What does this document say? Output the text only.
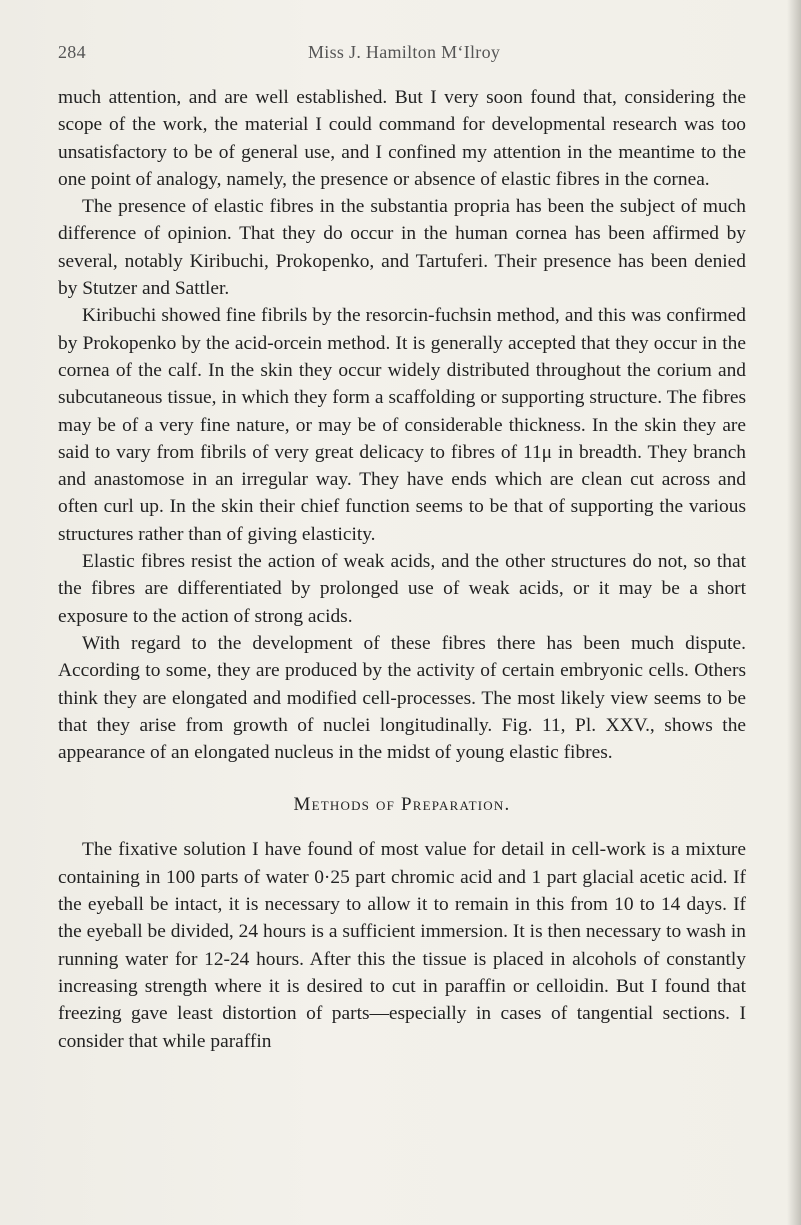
284	Miss J. Hamilton M‘Ilroy

much attention, and are well established. But I very soon found that, considering the scope of the work, the material I could command for developmental research was too unsatisfactory to be of general use, and I confined my attention in the meantime to the one point of analogy, namely, the presence or absence of elastic fibres in the cornea.

The presence of elastic fibres in the substantia propria has been the subject of much difference of opinion. That they do occur in the human cornea has been affirmed by several, notably Kiribuchi, Prokopenko, and Tartuferi. Their presence has been denied by Stutzer and Sattler.

Kiribuchi showed fine fibrils by the resorcin-fuchsin method, and this was confirmed by Prokopenko by the acid-orcein method. It is generally accepted that they occur in the cornea of the calf. In the skin they occur widely distributed throughout the corium and subcutaneous tissue, in which they form a scaffolding or supporting structure. The fibres may be of a very fine nature, or may be of considerable thickness. In the skin they are said to vary from fibrils of very great delicacy to fibres of 11μ in breadth. They branch and anastomose in an irregular way. They have ends which are clean cut across and often curl up. In the skin their chief function seems to be that of supporting the various structures rather than of giving elasticity.

Elastic fibres resist the action of weak acids, and the other structures do not, so that the fibres are differentiated by prolonged use of weak acids, or it may be a short exposure to the action of strong acids.

With regard to the development of these fibres there has been much dispute. According to some, they are produced by the activity of certain embryonic cells. Others think they are elongated and modified cell-processes. The most likely view seems to be that they arise from growth of nuclei longitudinally. Fig. 11, Pl. XXV., shows the appearance of an elongated nucleus in the midst of young elastic fibres.

Methods of Preparation.

The fixative solution I have found of most value for detail in cell-work is a mixture containing in 100 parts of water 0·25 part chromic acid and 1 part glacial acetic acid. If the eyeball be intact, it is necessary to allow it to remain in this from 10 to 14 days. If the eyeball be divided, 24 hours is a sufficient immersion. It is then necessary to wash in running water for 12-24 hours. After this the tissue is placed in alcohols of constantly increasing strength where it is desired to cut in paraffin or celloidin. But I found that freezing gave least distortion of parts—especially in cases of tangential sections. I consider that while paraffin
